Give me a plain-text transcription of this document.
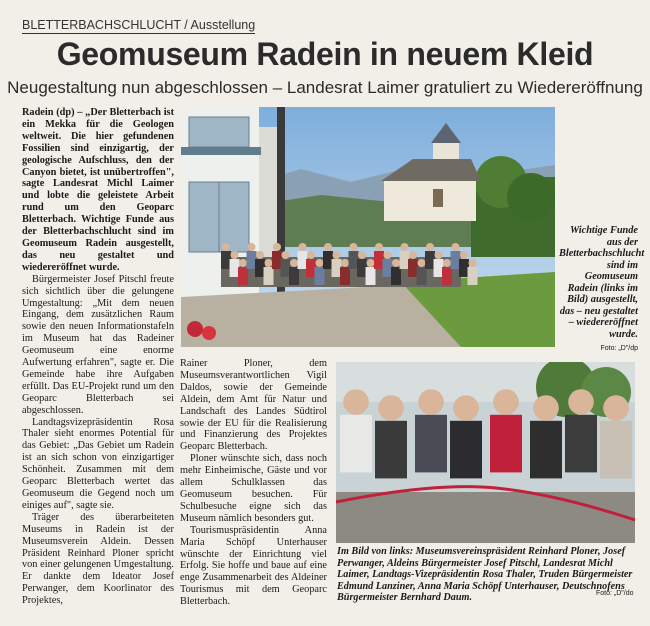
BLETTERBACHSCHLUCHT / Ausstellung
Geomuseum Radein in neuem Kleid
Neugestaltung nun abgeschlossen – Landesrat Laimer gratuliert zu Wiedereröffnung

Radein (dp) – „Der Bletterbach ist ein Mekka für die Geologen weltweit. Die hier gefundenen Fossilien sind einzigartig, der geologische Aufschluss, den der Canyon bietet, ist unübertroffen", sagte Landesrat Michl Laimer und lobte die geleistete Arbeit rund um den Geoparc Bletterbach. Wichtige Funde aus der Bletterbachschlucht sind im Geomuseum Radein ausgestellt, das neu gestaltet und wiedereröffnet wurde.

Bürgermeister Josef Pitschl freute sich sichtlich über die gelungene Umgestaltung: „Mit dem neuen Eingang, dem zusätzlichen Raum sowie den neuen Informationstafeln im Museum hat das Radeiner Geomuseum eine enorme Aufwertung erfahren", sagte er. Die Gemeinde habe ihre Aufgaben erfüllt. Das EU-Projekt rund um den Geoparc Bletterbach sei abgeschlossen.

Landtagsvizepräsidentin Rosa Thaler sieht enormes Potential für das Gebiet: „Das Gebiet um Radein ist an sich schon von einzigartiger Schönheit. Zusammen mit dem Geoparc Bletterbach wertet das Geomuseum die Gegend noch um einiges auf", sagte sie.

Träger des überarbeiteten Museums in Radein ist der Museumsverein Aldein. Dessen Präsident Reinhard Ploner spricht von einer gelungenen Umgestaltung. Er dankte dem Ideator Josef Perwanger, dem Koorlinator des Projektes,

Rainer Ploner, dem Museumsverantwortlichen Vigil Daldos, sowie der Gemeinde Aldein, dem Amt für Natur und Landschaft des Landes Südtirol sowie der EU für die Realisierung und Finanzierung des Projektes Geoparc Bletterbach.

Ploner wünschte sich, dass noch mehr Einheimische, Gäste und vor allem Schulklassen das Geomuseum besuchen. Für Schulbesuche eigne sich das Museum nämlich besonders gut.

Tourismuspräsidentin Anna Maria Schöpf Unterhauser wünschte der Einrichtung viel Erfolg. Sie hoffe und baue auf eine enge Zusammenarbeit des Aldeiner Tourismus mit dem Geoparc Bletterbach.

Wichtige Funde aus der Bletterbachschlucht sind im Geomuseum Radein (links im Bild) ausgestellt, das – neu gestaltet – wiedereröffnet wurde.
Foto: „D"/dp
Im Bild von links: Museumsvereinspräsident Reinhard Ploner, Josef Perwanger, Aldeins Bürgermeister Josef Pitschl, Landesrat Michl Laimer, Landtags-Vizepräsidentin Rosa Thaler, Truden Bürgermeister Edmund Lanziner, Anna Maria Schöpf Unterhauser, Deutschnofens Bürgermeister Bernhard Daum.	Foto: „D"/do
